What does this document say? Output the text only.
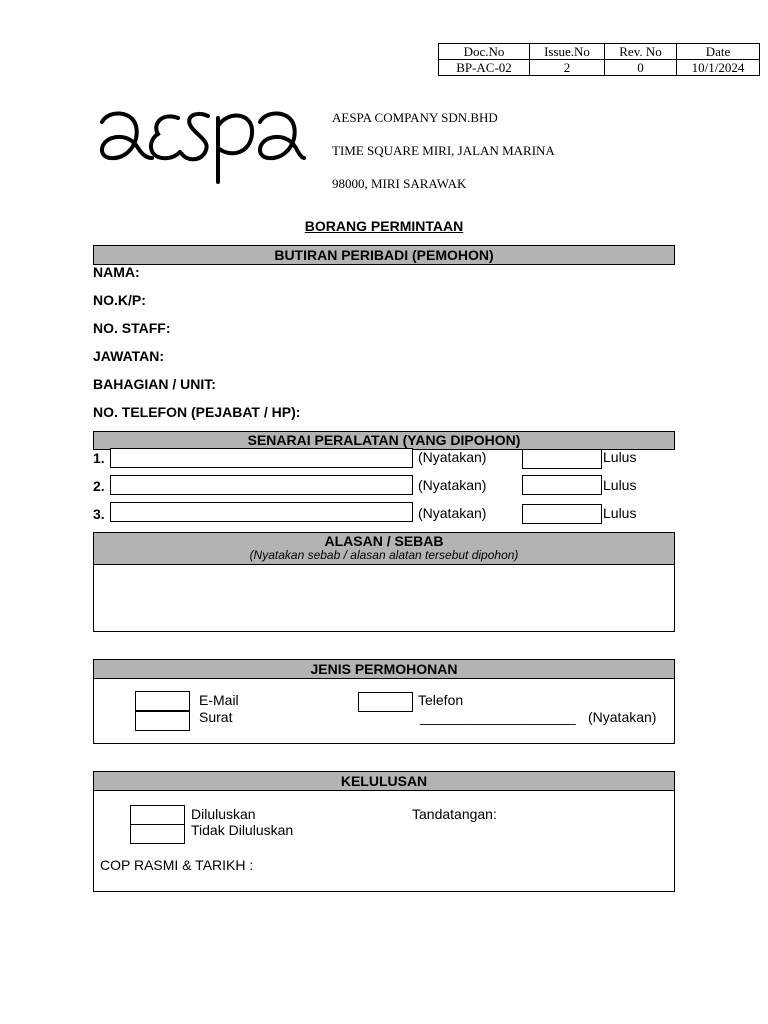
Doc.No	Issue.No	Rev. No	Date
BP-AC-02	2	0	10/1/2024
AESPA COMPANY SDN.BHD
TIME SQUARE MIRI, JALAN MARINA
98000, MIRI SARAWAK
BORANG PERMINTAAN
BUTIRAN PERIBADI (PEMOHON)
NAMA:
NO.K/P:
NO. STAFF:
JAWATAN:
BAHAGIAN / UNIT:
NO. TELEFON (PEJABAT / HP):
SENARAI PERALATAN (YANG DIPOHON)
1.	(Nyatakan)	Lulus
2.	(Nyatakan)	Lulus
3.	(Nyatakan)	Lulus
ALASAN / SEBAB
(Nyatakan sebab / alasan alatan tersebut dipohon)
JENIS PERMOHONAN
E-Mail
Surat
Telefon
____________________ (Nyatakan)
KELULUSAN
Diluluskan
Tidak Diluluskan
Tandatangan:
COP RASMI & TARIKH :
